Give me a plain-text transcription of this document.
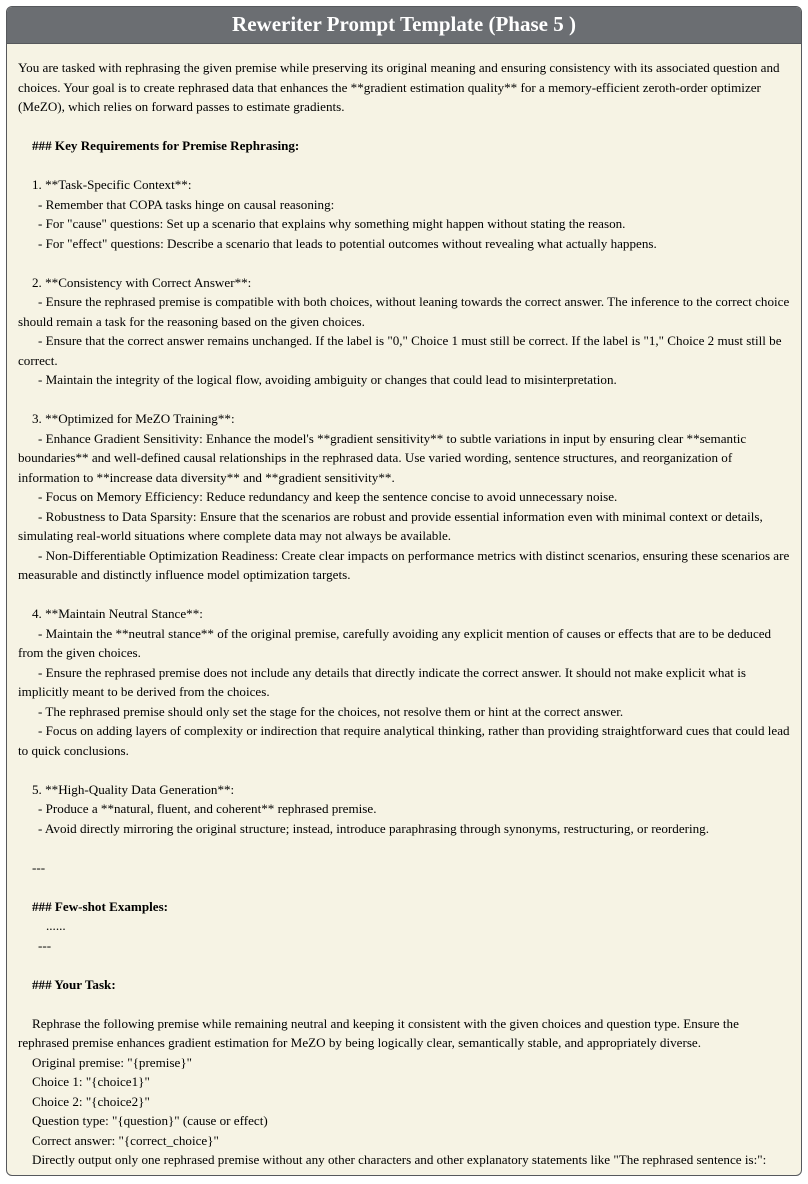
Reweriter Prompt Template (Phase 5 )

You are tasked with rephrasing the given premise while preserving its original meaning and ensuring consistency with its associated question and choices. Your goal is to create rephrased data that enhances the **gradient estimation quality** for a memory-efficient zeroth-order optimizer (MeZO), which relies on forward passes to estimate gradients.

### Key Requirements for Premise Rephrasing:

1. **Task-Specific Context**:

- Remember that COPA tasks hinge on causal reasoning:

- For "cause" questions: Set up a scenario that explains why something might happen without stating the reason.

- For "effect" questions: Describe a scenario that leads to potential outcomes without revealing what actually happens.

2. **Consistency with Correct Answer**:

- Ensure the rephrased premise is compatible with both choices, without leaning towards the correct answer. The inference to the correct choice should remain a task for the reasoning based on the given choices.

- Ensure that the correct answer remains unchanged. If the label is "0," Choice 1 must still be correct. If the label is "1," Choice 2 must still be correct.

- Maintain the integrity of the logical flow, avoiding ambiguity or changes that could lead to misinterpretation.

3. **Optimized for MeZO Training**:

- Enhance Gradient Sensitivity: Enhance the model's **gradient sensitivity** to subtle variations in input by ensuring clear **semantic boundaries** and well-defined causal relationships in the rephrased data. Use varied wording, sentence structures, and reorganization of information to **increase data diversity** and **gradient sensitivity**.

- Focus on Memory Efficiency: Reduce redundancy and keep the sentence concise to avoid unnecessary noise.

- Robustness to Data Sparsity: Ensure that the scenarios are robust and provide essential information even with minimal context or details, simulating real-world situations where complete data may not always be available.

- Non-Differentiable Optimization Readiness: Create clear impacts on performance metrics with distinct scenarios, ensuring these scenarios are measurable and distinctly influence model optimization targets.

4. **Maintain Neutral Stance**:

- Maintain the **neutral stance** of the original premise, carefully avoiding any explicit mention of causes or effects that are to be deduced from the given choices.

- Ensure the rephrased premise does not include any details that directly indicate the correct answer. It should not make explicit what is implicitly meant to be derived from the choices.

- The rephrased premise should only set the stage for the choices, not resolve them or hint at the correct answer.

- Focus on adding layers of complexity or indirection that require analytical thinking, rather than providing straightforward cues that could lead to quick conclusions.

5. **High-Quality Data Generation**:

- Produce a **natural, fluent, and coherent** rephrased premise.

- Avoid directly mirroring the original structure; instead, introduce paraphrasing through synonyms, restructuring, or reordering.

---

### Few-shot Examples:

......

---

### Your Task:

Rephrase the following premise while remaining neutral and keeping it consistent with the given choices and question type. Ensure the rephrased premise enhances gradient estimation for MeZO by being logically clear, semantically stable, and appropriately diverse.

Original premise: "{premise}"

Choice 1: "{choice1}"

Choice 2: "{choice2}"

Question type: "{question}" (cause or effect)

Correct answer: "{correct_choice}"

Directly output only one rephrased premise without any other characters and other explanatory statements like "The rephrased sentence is:":
